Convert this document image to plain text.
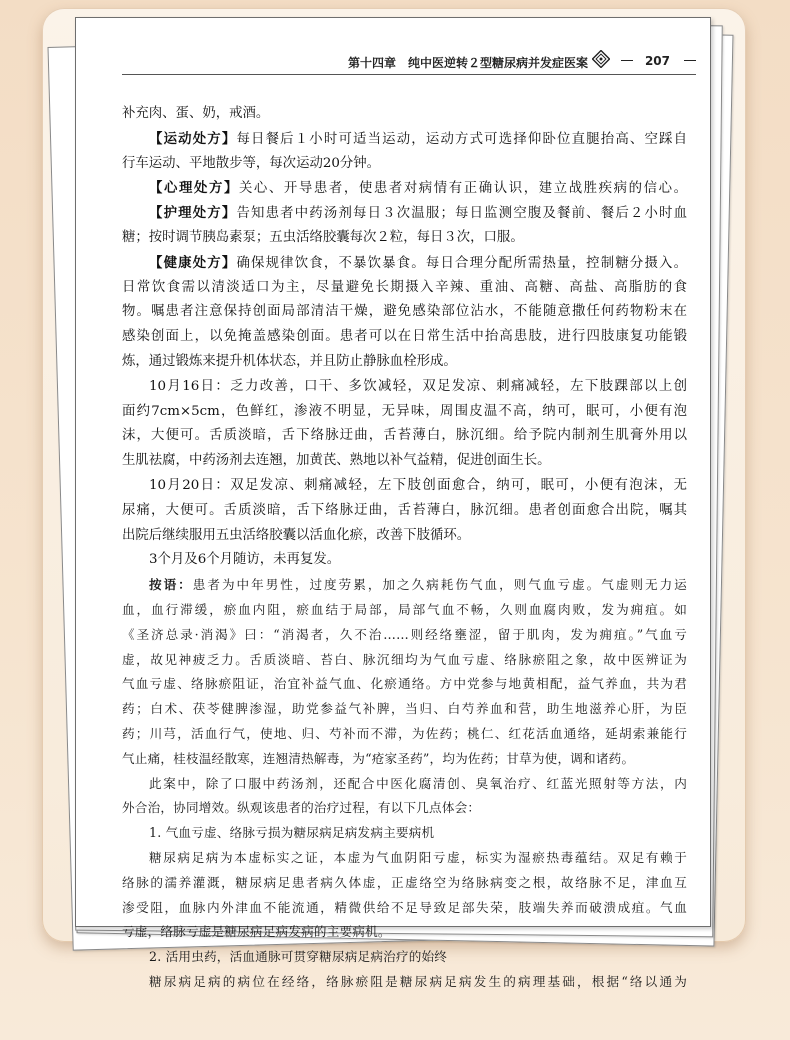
第十四章　纯中医逆转２型糖尿病并发症医案	207
补充肉、蛋、奶，戒酒。
【运动处方】每日餐后１小时可适当运动，运动方式可选择仰卧位直腿抬高、空踩自
行车运动、平地散步等，每次运动20分钟。
【心理处方】关心、开导患者，使患者对病情有正确认识，建立战胜疾病的信心。
【护理处方】告知患者中药汤剂每日３次温服；每日监测空腹及餐前、餐后２小时血
糖；按时调节胰岛素泵；五虫活络胶囊每次２粒，每日３次，口服。
【健康处方】确保规律饮食，不暴饮暴食。每日合理分配所需热量，控制糖分摄入。
日常饮食需以清淡适口为主，尽量避免长期摄入辛辣、重油、高糖、高盐、高脂肪的食
物。嘱患者注意保持创面局部清洁干燥，避免感染部位沾水，不能随意撒任何药物粉末在
感染创面上，以免掩盖感染创面。患者可以在日常生活中抬高患肢，进行四肢康复功能锻
炼，通过锻炼来提升机体状态，并且防止静脉血栓形成。
10月16日：乏力改善，口干、多饮减轻，双足发凉、刺痛减轻，左下肢踝部以上创
面约7cm×5cm，色鲜红，渗液不明显，无异味，周围皮温不高，纳可，眠可，小便有泡
沫，大便可。舌质淡暗，舌下络脉迂曲，舌苔薄白，脉沉细。给予院内制剂生肌膏外用以
生肌祛腐，中药汤剂去连翘，加黄芪、熟地以补气益精，促进创面生长。
10月20日：双足发凉、刺痛减轻，左下肢创面愈合，纳可，眠可，小便有泡沫，无
尿痛，大便可。舌质淡暗，舌下络脉迂曲，舌苔薄白，脉沉细。患者创面愈合出院，嘱其
出院后继续服用五虫活络胶囊以活血化瘀，改善下肢循环。
3个月及6个月随访，未再复发。
按语：患者为中年男性，过度劳累，加之久病耗伤气血，则气血亏虚。气虚则无力运
血，血行滞缓，瘀血内阻，瘀血结于局部，局部气血不畅，久则血腐肉败，发为痈疽。如
《圣济总录·消渴》曰：“消渴者，久不治……则经络壅涩，留于肌肉，发为痈疽。”气血亏
虚，故见神疲乏力。舌质淡暗、苔白、脉沉细均为气血亏虚、络脉瘀阻之象，故中医辨证为
气血亏虚、络脉瘀阻证，治宜补益气血、化瘀通络。方中党参与地黄相配，益气养血，共为君
药；白术、茯苓健脾渗湿，助党参益气补脾，当归、白芍养血和营，助生地滋养心肝，为臣
药；川芎，活血行气，使地、归、芍补而不滞，为佐药；桃仁、红花活血通络，延胡索兼能行
气止痛，桂枝温经散寒，连翘清热解毒，为“疮家圣药”，均为佐药；甘草为使，调和诸药。
此案中，除了口服中药汤剂，还配合中医化腐清创、臭氧治疗、红蓝光照射等方法，内
外合治，协同增效。纵观该患者的治疗过程，有以下几点体会：
1. 气血亏虚、络脉亏损为糖尿病足病发病主要病机
糖尿病足病为本虚标实之证，本虚为气血阴阳亏虚，标实为湿瘀热毒蕴结。双足有赖于
络脉的濡养灌溉，糖尿病足患者病久体虚，正虚络空为络脉病变之根，故络脉不足，津血互
渗受阻，血脉内外津血不能流通，精微供给不足导致足部失荣，肢端失养而破溃成疽。气血
亏虚，络脉亏虚是糖尿病足病发病的主要病机。
2. 活用虫药，活血通脉可贯穿糖尿病足病治疗的始终
糖尿病足病的病位在经络，络脉瘀阻是糖尿病足病发生的病理基础，根据“络以通为
